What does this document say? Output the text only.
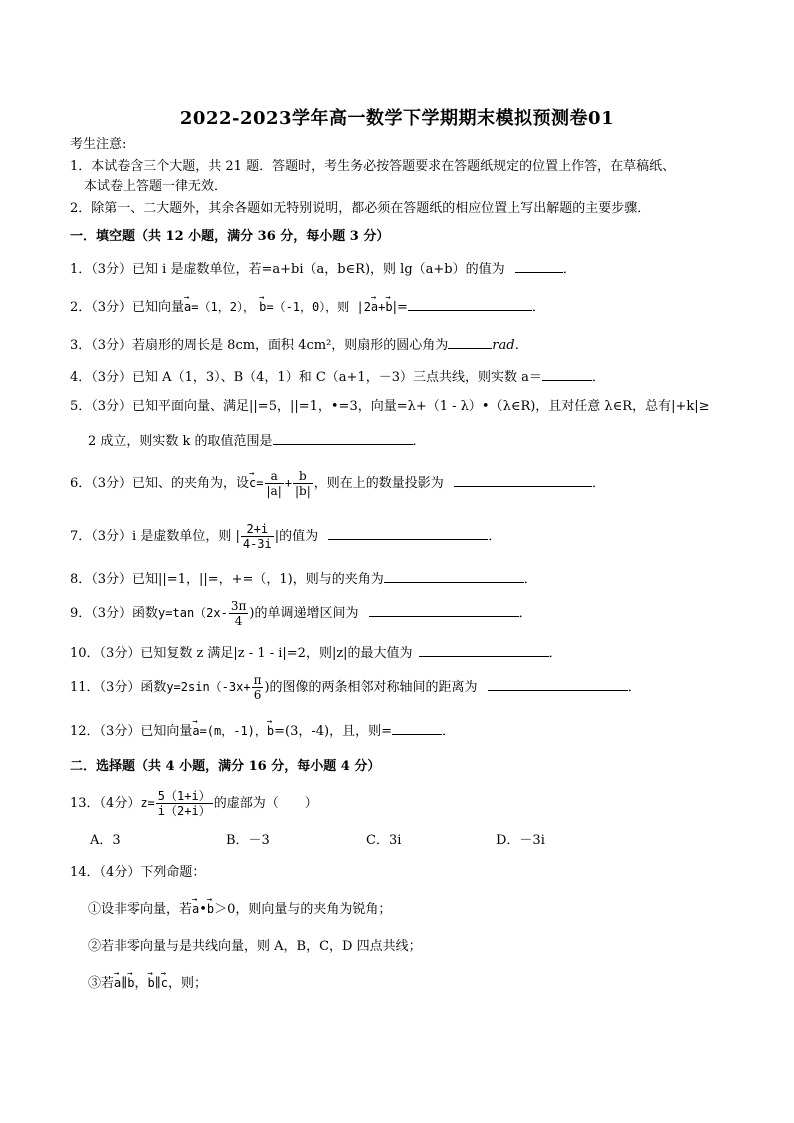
2022-2023学年高一数学下学期期末模拟预测卷01
考生注意:
1．本试卷含三个大题，共 21 题．答题时，考生务必按答题要求在答题纸规定的位置上作答，在草稿纸、
本试卷上答题一律无效．
2．除第一、二大题外，其余各题如无特别说明，都必须在答题纸的相应位置上写出解题的主要步骤．
一．填空题（共 12 小题，满分 36 分，每小题 3 分）
1．（3分）已知 i 是虚数单位，若=a+bi（a，b∈R)，则 lg（a+b）的值为	．
2．（3分）已知向量→ a=（1，2）， → b=（-1，0），则 |2→ a+→ b|=	．
3．（3分）若扇形的周长是 8cm，面积 4cm²，则扇形的圆心角为	rad．
4．（3分）已知 A（1，3）、B（4，1）和 C（a+1，－3）三点共线，则实数 a＝	．
5．（3分）已知平面向量、满足||=5，||=1，•=3，向量=λ+（1 - λ）•（λ∈R)，且对任意 λ∈R，总有|+k|≥
2 成立，则实数 k 的取值范围是	．
6．（3分）已知、的夹角为，设→ $c= \frac{a}{|a|} + \frac{b}{|b|}$ ，则在上的数量投影为	．
7．（3分）i 是虚数单位，则 | $\frac{2+i}{4-3i}$ |的值为	．
8．（3分）已知||=1，||=，+=（，1)，则与的夹角为	．
9．（3分）函数$y=\tan(2x- \frac{3\pi}{4}$ )的单调递增区间为	．
10．（3分）已知复数 z 满足|z - 1 - i|=2，则|z|的最大值为	．
11．（3分）函数$y=2\sin(-3x+ \frac{\pi}{6}$ )的图像的两条相邻对称轴间的距离为	．
12．（3分）已知向量→ a=(m，-1)，→ b=(3，-4)，且，则=	．
二．选择题（共 4 小题，满分 16 分，每小题 4 分）
13．（4分）$z= \frac{5(1+i)}{i(2+i)}$ 的虚部为（　　）
A．3	B．－3	C．3i	D．－3i
14．（4分）下列命题：
①设非零向量，若→ a•→ b＞0，则向量与的夹角为锐角；
②若非零向量与是共线向量，则 A，B，C，D 四点共线；
③若→ a∥→ b，→ b∥→ c，则；
